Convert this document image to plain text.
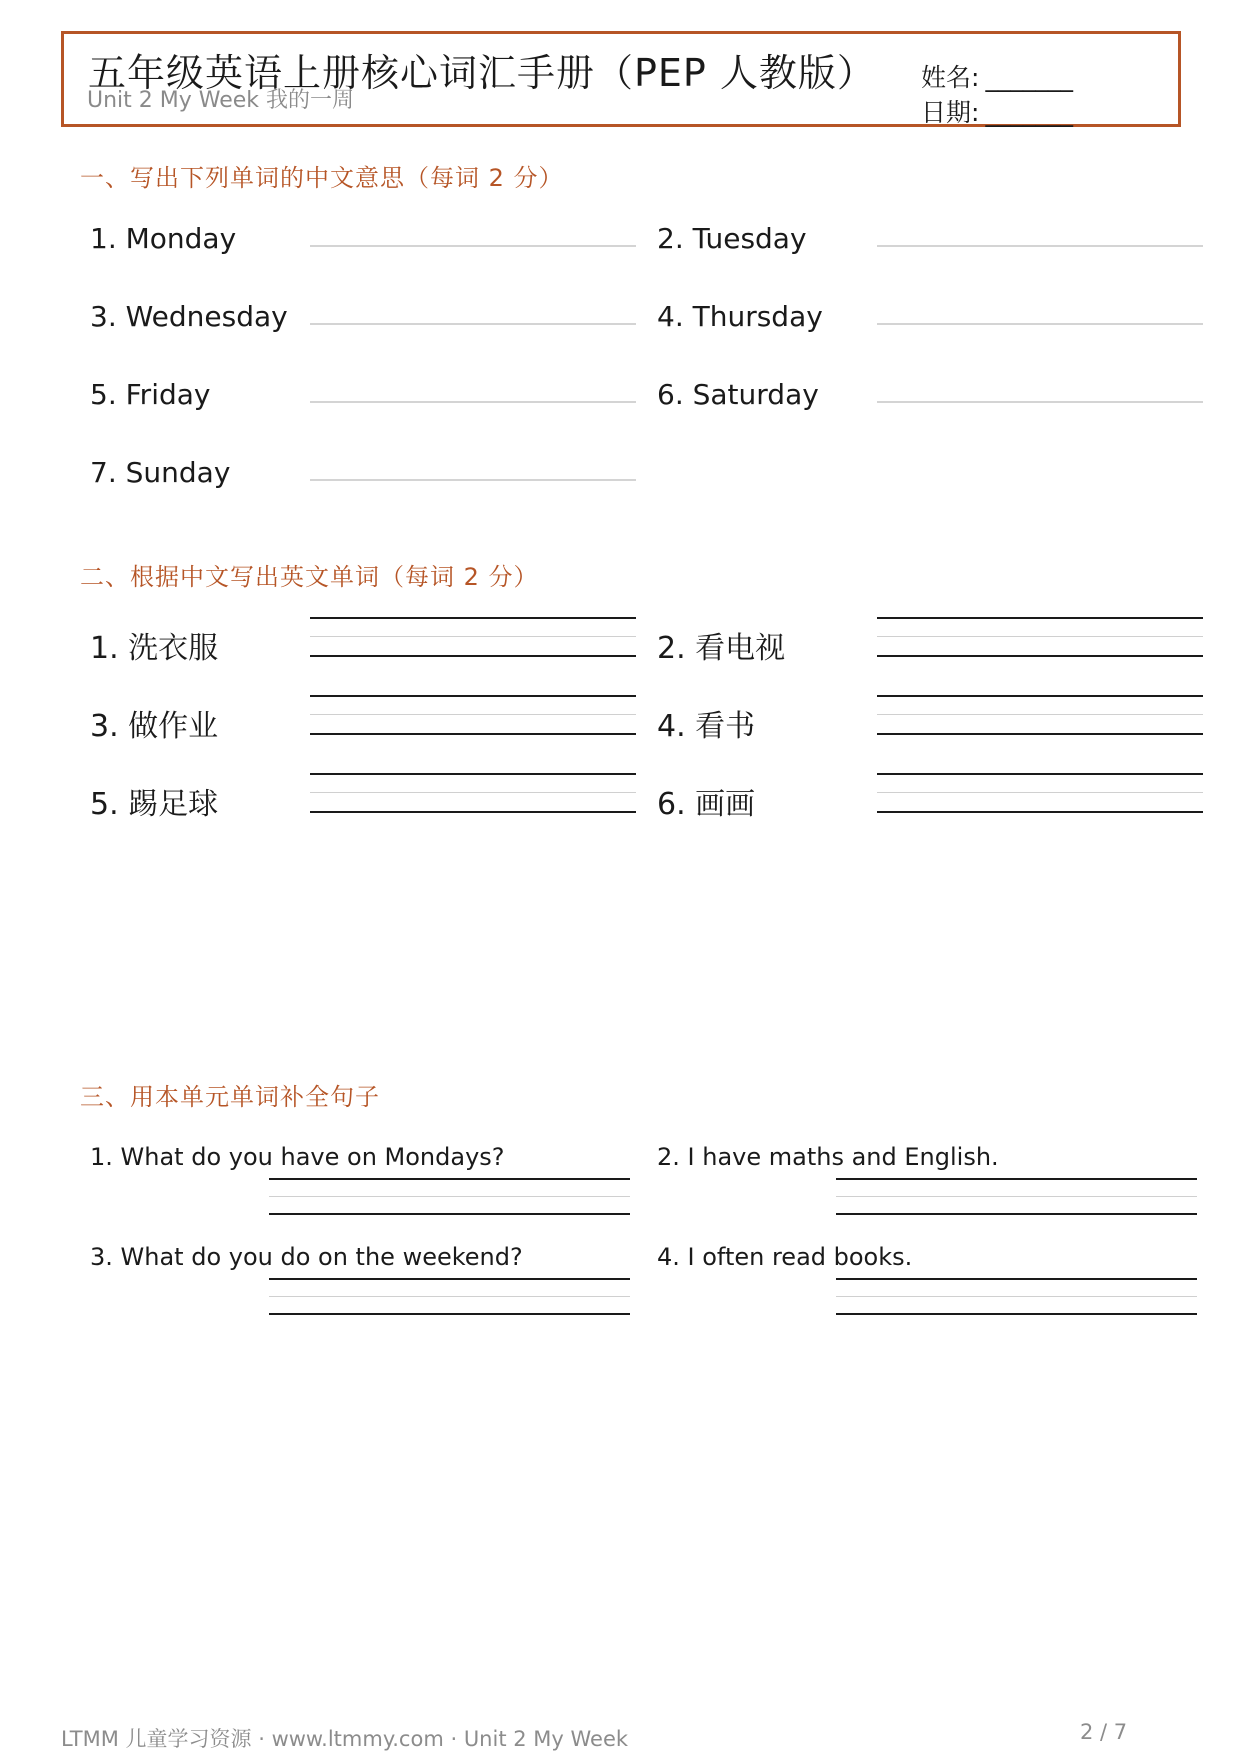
五年级英语上册核心词汇手册（PEP 人教版）
Unit 2 My Week 我的一周
姓名: _______
日期: _______
一、写出下列单词的中文意思（每词 2 分）
1. Monday	2. Tuesday
3. Wednesday	4. Thursday
5. Friday	6. Saturday
7. Sunday
二、根据中文写出英文单词（每词 2 分）
1. 洗衣服	2. 看电视
3. 做作业	4. 看书
5. 踢足球	6. 画画
三、用本单元单词补全句子
1. What do you have on Mondays?	2. I have maths and English.
3. What do you do on the weekend?	4. I often read books.
LTMM 儿童学习资源 · www.ltmmy.com · Unit 2 My Week	2 / 7
